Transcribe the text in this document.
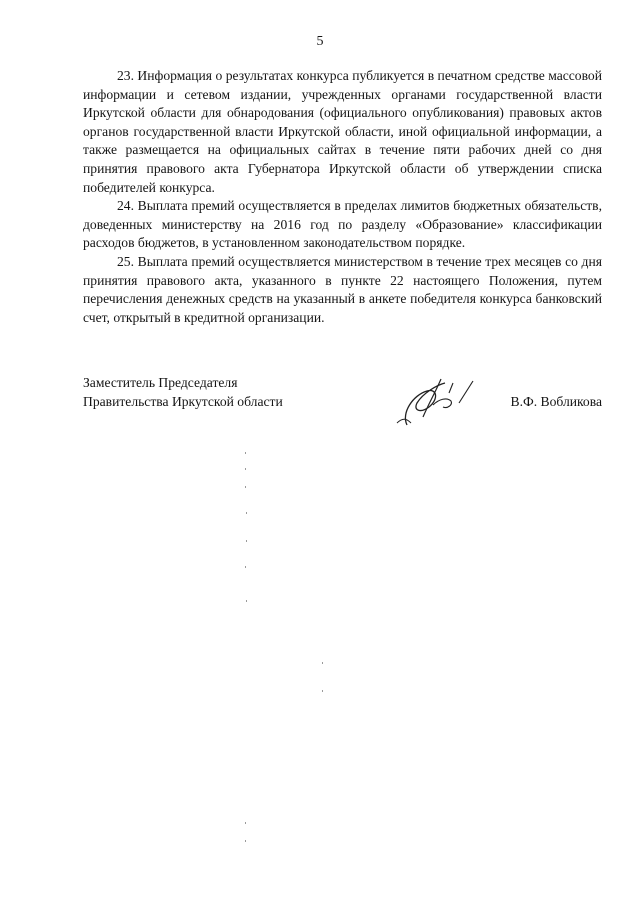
5

23. Информация о результатах конкурса публикуется в печатном средстве массовой информации и сетевом издании, учрежденных органами государственной власти Иркутской области для обнародования (официального опубликования) правовых актов органов государственной власти Иркутской области, иной официальной информации, а также размещается на официальных сайтах в течение пяти рабочих дней со дня принятия правового акта Губернатора Иркутской области об утверждении списка победителей конкурса.

24. Выплата премий осуществляется в пределах лимитов бюджетных обязательств, доведенных министерству на 2016 год по разделу «Образование» классификации расходов бюджетов, в установленном законодательством порядке.

25. Выплата премий осуществляется министерством в течение трех месяцев со дня принятия правового акта, указанного в пункте 22 настоящего Положения, путем перечисления денежных средств на указанный в анкете победителя конкурса банковский счет, открытый в кредитной организации.

Заместитель Председателя
Правительства Иркутской области	В.Ф. Вобликова
